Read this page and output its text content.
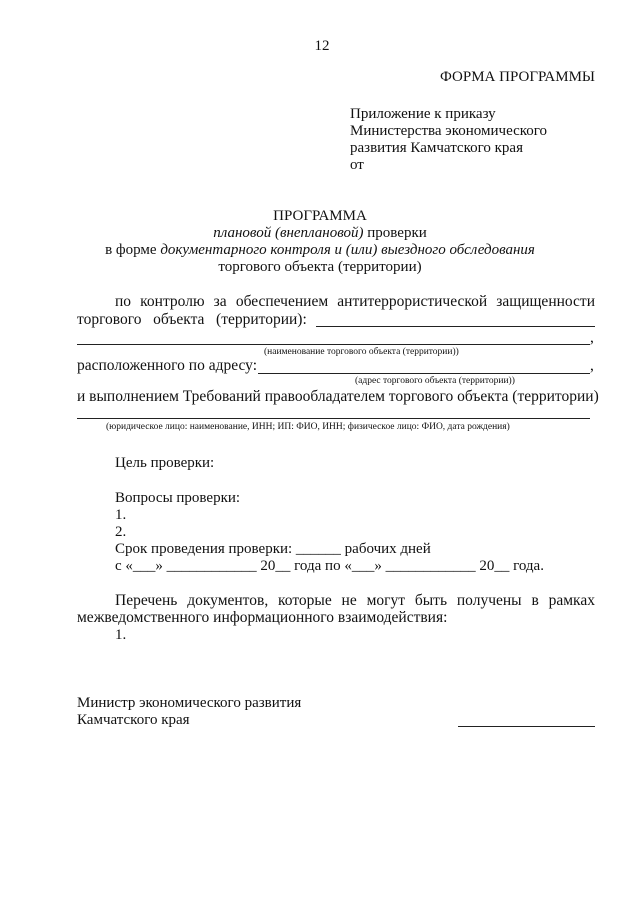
12
ФОРМА ПРОГРАММЫ
Приложение к приказу
Министерства экономического
развития Камчатского края
от
ПРОГРАММА
плановой (внеплановой) проверки
в форме документарного контроля и (или) выездного обследования
торгового объекта (территории)
по контролю за обеспечением антитеррористической защищенности
торгового   объекта   (территории):
,
(наименование торгового объекта (территории))
расположенного по адресу:	,
(адрес торгового объекта (территории))
и выполнением Требований правообладателем торгового объекта (территории)
(юридическое лицо: наименование, ИНН; ИП: ФИО, ИНН; физическое лицо: ФИО, дата рождения)
Цель проверки:
Вопросы проверки:
1.
2.
Срок проведения проверки: ______ рабочих дней
с «___» ____________ 20__ года по «___» ____________ 20__ года.
Перечень документов, которые не могут быть получены в рамках
межведомственного информационного взаимодействия:
1.
Министр экономического развития
Камчатского края
